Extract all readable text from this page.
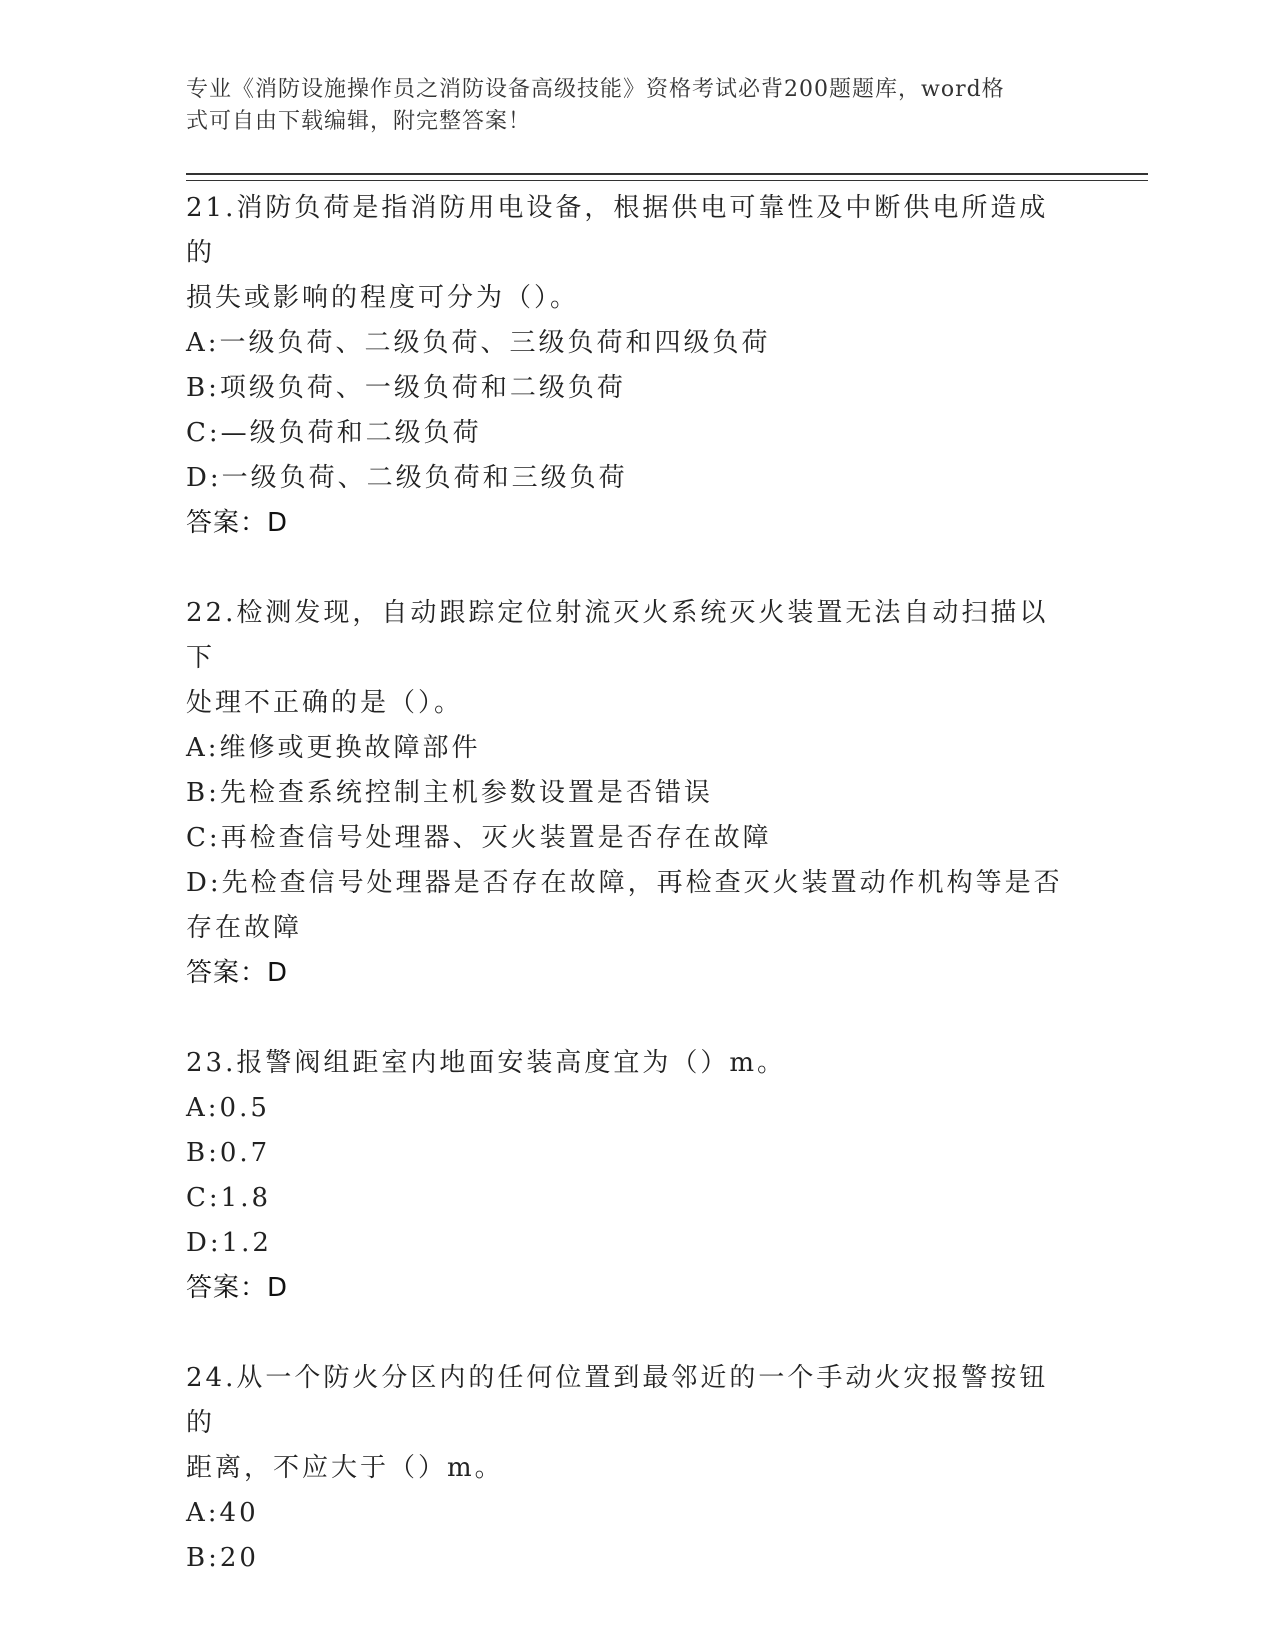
专业《消防设施操作员之消防设备高级技能》资格考试必背200题题库，word格
式可自由下载编辑，附完整答案！
21.消防负荷是指消防用电设备，根据供电可靠性及中断供电所造成的
损失或影响的程度可分为（）。
A:一级负荷、二级负荷、三级负荷和四级负荷
B:项级负荷、一级负荷和二级负荷
C:—级负荷和二级负荷
D:一级负荷、二级负荷和三级负荷
答案：D
22.检测发现，自动跟踪定位射流灭火系统灭火装置无法自动扫描以下
处理不正确的是（）。
A:维修或更换故障部件
B:先检查系统控制主机参数设置是否错误
C:再检查信号处理器、灭火装置是否存在故障
D:先检查信号处理器是否存在故障，再检查灭火装置动作机构等是否
存在故障
答案：D
23.报警阀组距室内地面安装高度宜为（）m。
A:0.5
B:0.7
C:1.8
D:1.2
答案：D
24.从一个防火分区内的任何位置到最邻近的一个手动火灾报警按钮的
距离，不应大于（）m。
A:40
B:20
